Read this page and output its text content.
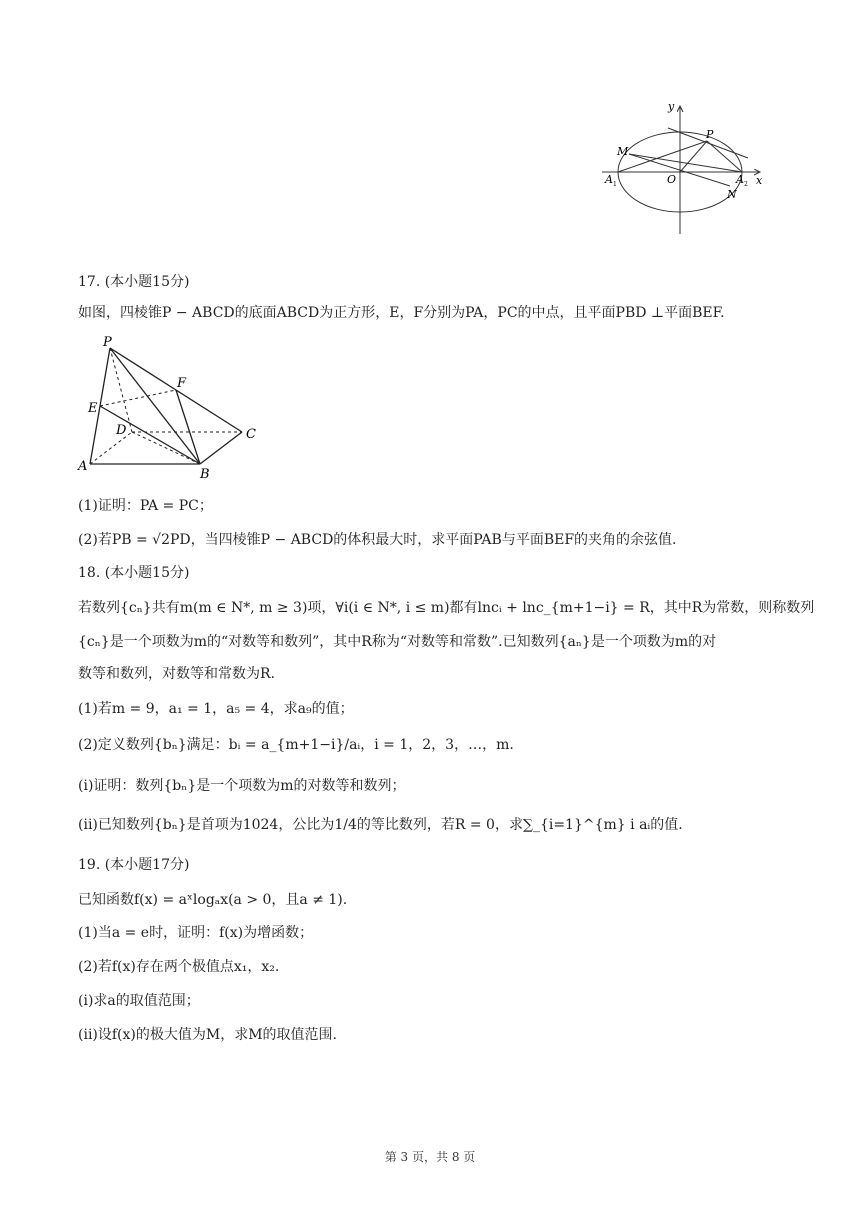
y
x
P
M
O
A 1	A 2
N
17. (本小题15分)
如图，四棱锥P − ABCD的底面ABCD为正方形，E，F分别为PA，PC的中点，且平面PBD ⊥平面BEF.
P
F
E
D	C
A
B
(1)证明：PA = PC；
(2)若PB = √2PD，当四棱锥P − ABCD的体积最大时，求平面PAB与平面BEF的夹角的余弦值.
18. (本小题15分)
若数列{cₙ}共有m(m ∈ N*, m ≥ 3)项，∀i(i ∈ N*, i ≤ m)都有lncᵢ + lnc_{m+1−i} = R，其中R为常数，则称数列
{cₙ}是一个项数为m的“对数等和数列”，其中R称为“对数等和常数”.已知数列{aₙ}是一个项数为m的对
数等和数列，对数等和常数为R.
(1)若m = 9，a₁ = 1，a₅ = 4，求a₉的值；
(2)定义数列{bₙ}满足：bᵢ = a_{m+1−i}/aᵢ，i = 1，2，3，…，m.
(i)证明：数列{bₙ}是一个项数为m的对数等和数列；
(ii)已知数列{bₙ}是首项为1024，公比为1/4的等比数列，若R = 0，求∑_{i=1}^{m} i aᵢ的值.
19. (本小题17分)
已知函数f(x) = aˣlogₐx(a > 0，且a ≠ 1).
(1)当a = e时，证明：f(x)为增函数；
(2)若f(x)存在两个极值点x₁，x₂.
(i)求a的取值范围；
(ii)设f(x)的极大值为M，求M的取值范围.
第 3 页，共 8 页
